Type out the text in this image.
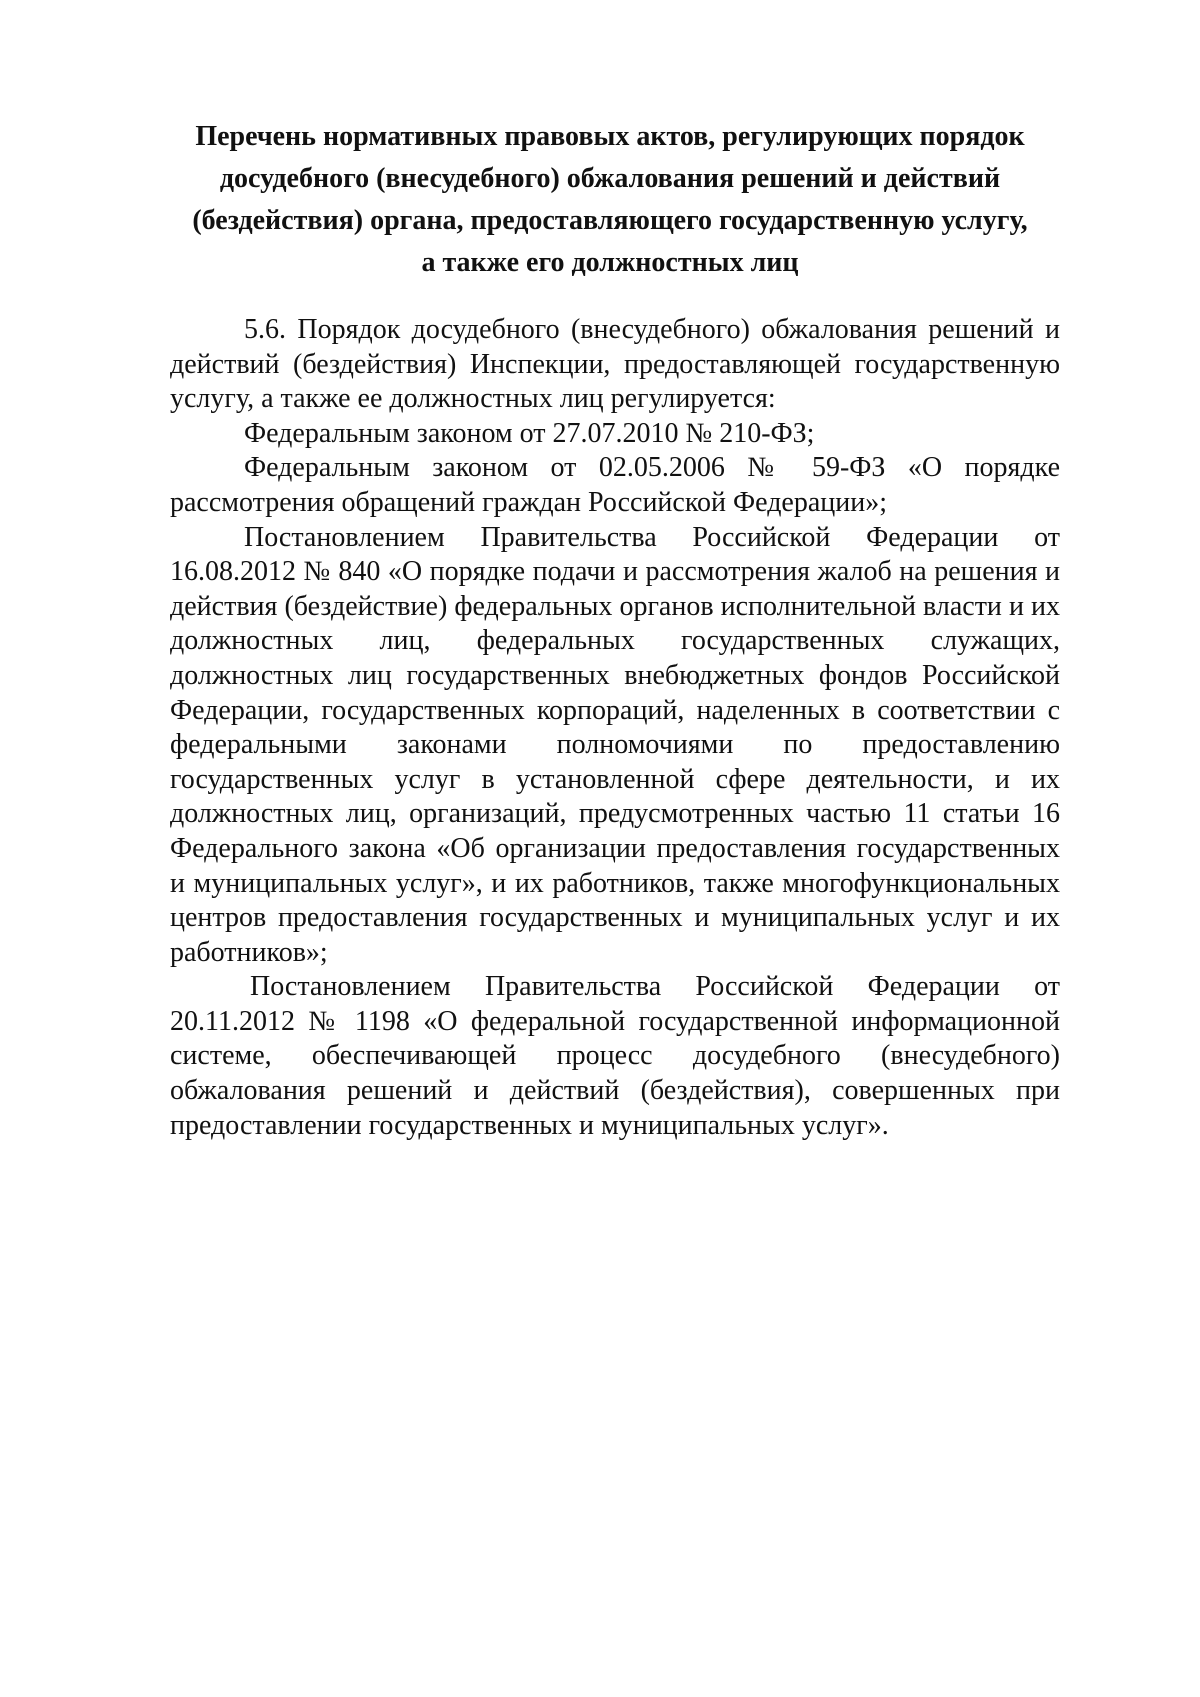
Перечень нормативных правовых актов, регулирующих порядок
досудебного (внесудебного) обжалования решений и действий
(бездействия) органа, предоставляющего государственную услугу,
а также его должностных лиц

5.6. Порядок досудебного (внесудебного) обжалования решений и действий (бездействия) Инспекции, предоставляющей государственную услугу, а также ее должностных лиц регулируется:

Федеральным законом от 27.07.2010 № 210-ФЗ;

Федеральным законом от 02.05.2006 № 59-ФЗ «О порядке рассмотрения обращений граждан Российской Федерации»;

Постановлением Правительства Российской Федерации от 16.08.2012 № 840 «О порядке подачи и рассмотрения жалоб на решения и действия (бездействие) федеральных органов исполнительной власти и их должностных лиц, федеральных государственных служащих, должностных лиц государственных внебюджетных фондов Российской Федерации, государственных корпораций, наделенных в соответствии с федеральными законами полномочиями по предоставлению государственных услуг в установленной сфере деятельности, и их должностных лиц, организаций, предусмотренных частью 11 статьи 16 Федерального закона «Об организации предоставления государственных и муниципальных услуг», и их работников, также многофункциональных центров предоставления государственных и муниципальных услуг и их работников»;

Постановлением Правительства Российской Федерации от 20.11.2012 № 1198 «О федеральной государственной информационной системе, обеспечивающей процесс досудебного (внесудебного) обжалования решений и действий (бездействия), совершенных при предоставлении государственных и муниципальных услуг».
